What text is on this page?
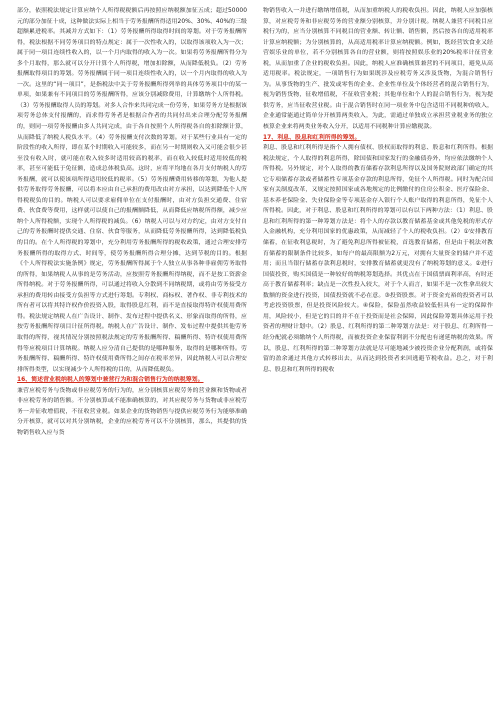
部分，依照税法规定计算应纳个人所得税税额后再按照应纳税额加征五成；超过50000元的部分加征十成，这种做法实际上相当于劳务报酬所得适用20%、30%、40%的三级超额累进税率。其减并方式如下：（1）劳务报酬所得取得时间的筹划。对于劳务报酬所得，税法根据不同劳务项目的特点规定：属于一次性收入的，以取得该项收入为一次；属于同一项目连续性收入的，以一个月内取得的收入为一次。如果将劳务报酬所得分为多个月取得，那么就可以分开计算个人所得税，增加扣除额，从而降低税负。（2）劳务报酬取得项目的筹划。劳务报酬属于同一项目连续性收入的，以一个月内取得的收入为一次。这里的“同一项目”，是指税法中关于劳务报酬所得列举的具体劳务项目中的某一单项，如果兼有不同项目的劳务报酬所得，应该分别减除费用，计算缴纳个人所得税。（3）劳务报酬取得人员的筹划。对多人合作来共同完成一份劳务，如果劳务方是根据该项劳务总体支付报酬的，而求得劳务者是根据合作者的共同付出来合理分配劳务报酬的，则同一项劳务报酬由多人共同完成，由于各自按照个人所得税各自的扣除额计算，从而降低了纳税人税负水平。（4）劳务报酬支付次数的筹划。对于某些行业具有一定的阶段性的收入所得，即在某个时期收入可能较多，而在另一时期则收入又可能会很少甚至没有收入时，就可能在收入较多时适用较高的税率，而在收入较低时适用较低的税率，甚至可能低于免征额，造成总体税负高。这时，应将平均地在各月支付纳税人的劳务报酬，就可以使该项所得适用较低的税率。（5）劳务报酬费用转移的筹划，为他人提供劳务取得劳务报酬，可以将本应由自己承担的费用改由对方承担，以达到降低个人所得税税负的目的。纳税人可以要求雇佣单位在支付报酬时，由对方负担交通费、住宿费、伙食费等费用，这样就可以使自己的报酬额降低，从而降低应纳税所得额，减少应纳个人所得税额，实现个人所得税的减负。（6）纳税人可以与对方约定，由对方支付自己的劳务报酬时提供交通、住宿、伙食等服务，从而降低劳务报酬所得，达到降低税负的目的。在个人所得税的筹划中，充分利用劳务报酬所得的税收政策，通过合理安排劳务报酬所得的取得方式、时间等，使劳务报酬所得合理分摊，达到节税的目的。根据《个人所得税法实施条例》规定，劳务报酬所得属于个人独立从事各种非雇佣劳务取得的所得，如果纳税人从事的是劳务活动，应按照劳务报酬所得纳税，而不是按工资薪金所得纳税。对于劳务报酬所得，可以通过将收入分散到不同纳税期，或将由劳务接受方承担的费用转由接受方负担等方式进行筹划。专利权、商标权、著作权、非专利技术的所有者可以将其特许权作价投资入股，取得股息红利，而不是直接取得特许权使用费所得。税法规定纳税人在广告设计、制作、发布过程中提供名义、形象而取得的所得，应按劳务报酬所得项目计征所得税。纳税人在广告设计、制作、发布过程中提供其他劳务取得的所得，视其情况分别按照税法规定的劳务报酬所得、稿酬所得、特许权使用费所得等应税项目计算纳税。纳税人应分清自己提供的是哪种服务，取得的是哪种所得。劳务报酬所得、稿酬所得、特许权使用费所得之间存在税率差异，因此纳税人可以合理安排所得类型，以实现减少个人所得税的目的，从而降低税负。

16、简述营业税纳税人的筹划中兼营行为和混合销售行为的纳税筹划。

兼营应税劳务与货物或非应税劳务的行为的，应分别核算应税劳务的营业额和货物或者非应税劳务的销售额。不分别核算或不能准确核算的，对其应税劳务与货物或非应税劳务一并征收增值税，不征收营业税。如果企业的货物销售与提供应税劳务行为能够准确分开核算，就可以对其分别纳税，企业的应税劳务可以不分别核算，那么，其提供的货物销售收入应与货

物销售收入一并进行缴纳增值税，从而加重纳税人的税收负担。因此，纳税人应加强核算，对应税劳务和非应税劳务的营业额分别核算，并分别计税。纳税人兼营不同税目应税行为的，应当分别核算不同税目的营业额、转让额、销售额，然后按各自的适用税率计算应纳税额；为分别核算的，从高适用税率计算应纳税额。例如，既经营饮食业又经营娱乐业的单位，若不分别核算各自的营业额，则将按照娱乐业的20%税率计征营业税，从而加重了企业的税收负担。因此，纳税人应准确核算兼营的不同项目，避免从高适用税率。税法规定，一项销售行为如果既涉及应税劳务又涉及货物，为混合销售行为。从事货物的生产、批发或零售的企业、企业性单位及个体经营者的混合销售行为，视为销售货物，征收增值税，不征收营业税；其他单位和个人的混合销售行为，视为提供劳务，应当征收营业税。由于混合销售时在同一项业务中包含适用不同税种的收入，企业通常能通过简单分开核算两类收入，为此，需通过单独成立承担营业税业务的独立核算企业来将两类业务收入分开，以适用不同税种计算应缴税款。

17、利息、股息和红利所得的筹划。

利息、股息和红利所得是指个人拥有债权、股权而取得的利息、股息和红利所得。根据税法规定，个人取得的利息所得，除国债和国家发行的金融债券外，均应依法缴纳个人所得税。另外规定，对个人取得的教育储蓄存款利息所得以及国务院财政部门确定的其它专项储蓄存款或者储蓄性专项基金存款的利息所得，免征个人所得税。同时为配合国家有关制度改革，又规定按照国家或各地规定的比例缴付的住房公积金、医疗保险金、基本养老保险金、失业保险金等专项基金存入银行个人账户取得的利息所得，免征个人所得税。因此，对于利息、股息和红利所得的筹划可以有以下两种方法：（1）利息、股息和红利所得的第一种筹划方法是：将个人的存款以教育储蓄基金或其他免税的形式存入金融机构，充分利用国家的优惠政策，从而减轻了个人的税收负担。（2）①安排教育储蓄，在征收利息税时，为了避免利息所得被征税，首选教育储蓄，但是由于税法对教育储蓄的限制条件比较多，如每户的最高限额为2万元，对拥有大量资金的储户并不适用；而且当银行储蓄存款利息税时，安排教育储蓄就更没有了纳税筹划的意义。②进行国债投资，购买国债是一种较好的纳税筹划选择。其优点在于国债票面利率高，有时还高于教育储蓄利率；缺点是一次性投入较大，对于个人而言，如果不是一次性拿出较大数额的资金进行投资，国债投资就不必在意。③投资股票。对于资金充裕的投资者可以考虑投资股票，但是投资风险较大。④保险，保险虽然收益较低但具有一定的保障作用，风险较小，但是它的目的并不在于投资而是社会保障，因此保险筹划具体运用于投资者的理财计划中。（2）股息、红利所得的第二种筹划方法是：对于股息、红利所得一经分配就必须缴纳个人所得税，而被投资企业保留利润不分配也有递延纳税的效果。所以，股息、红利所得的第二种筹划方法就是尽可能地减少被投资企业分配利润，或将保留的盈余通过其他方式转移出去，从而达到投资者来回逃避节税收益。总之，对于利息、股息和红利所得的税收
